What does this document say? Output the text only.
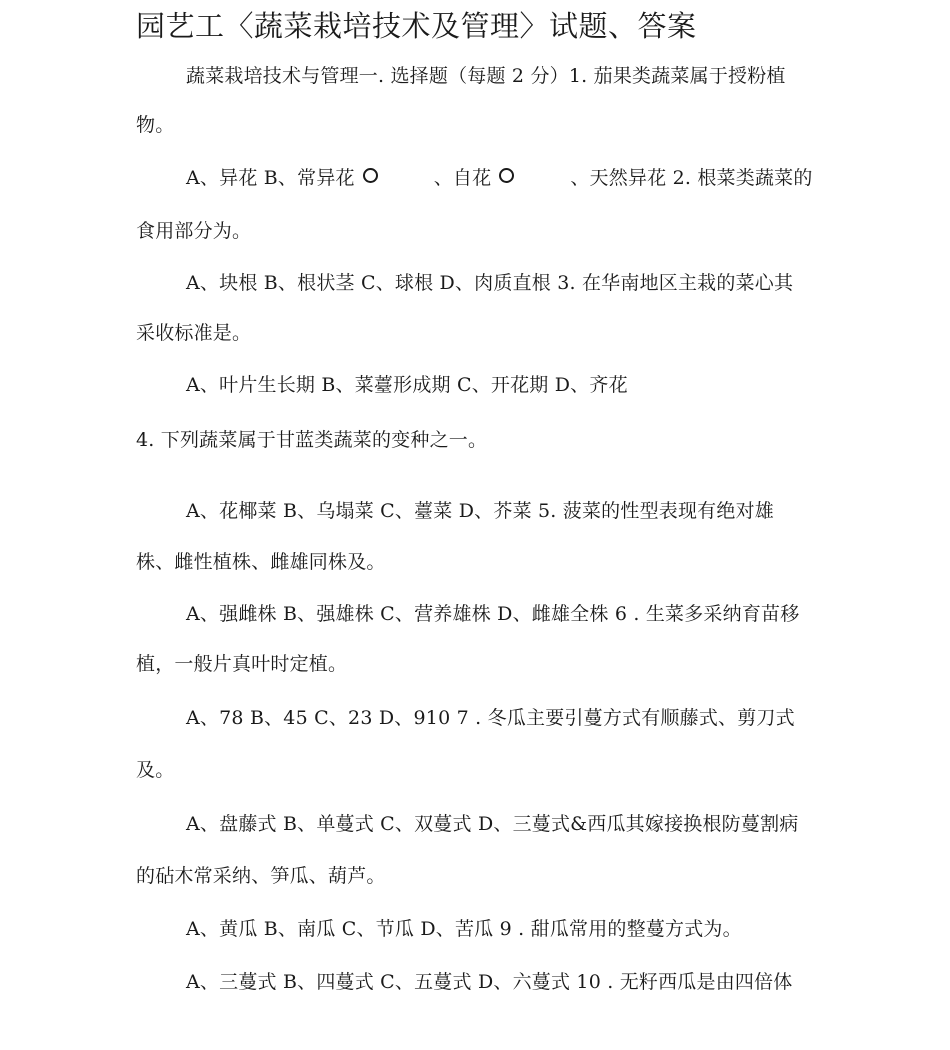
园艺工〈蔬菜栽培技术及管理〉试题、答案
蔬菜栽培技术与管理一. 选择题（每题 2 分）1. 茄果类蔬菜属于授粉植
物。
A、异花 B、常异花	、自花	、天然异花 2. 根菜类蔬菜的
食用部分为。
A、块根 B、根状茎 C、球根 D、肉质直根 3. 在华南地区主栽的菜心其
采收标准是。
A、叶片生长期 B、菜薹形成期 C、开花期 D、齐花
4. 下列蔬菜属于甘蓝类蔬菜的变种之一。
A、花椰菜 B、乌塌菜 C、薹菜 D、芥菜 5. 菠菜的性型表现有绝对雄
株、雌性植株、雌雄同株及。
A、强雌株 B、强雄株 C、营养雄株 D、雌雄全株 6 . 生菜多采纳育苗移
植，一般片真叶时定植。
A、78 B、45 C、23 D、910 7 . 冬瓜主要引蔓方式有顺藤式、剪刀式
及。
A、盘藤式 B、单蔓式 C、双蔓式 D、三蔓式&西瓜其嫁接换根防蔓割病
的砧木常采纳、笋瓜、葫芦。
A、黄瓜 B、南瓜 C、节瓜 D、苦瓜 9 . 甜瓜常用的整蔓方式为。
A、三蔓式 B、四蔓式 C、五蔓式 D、六蔓式 10 . 无籽西瓜是由四倍体
